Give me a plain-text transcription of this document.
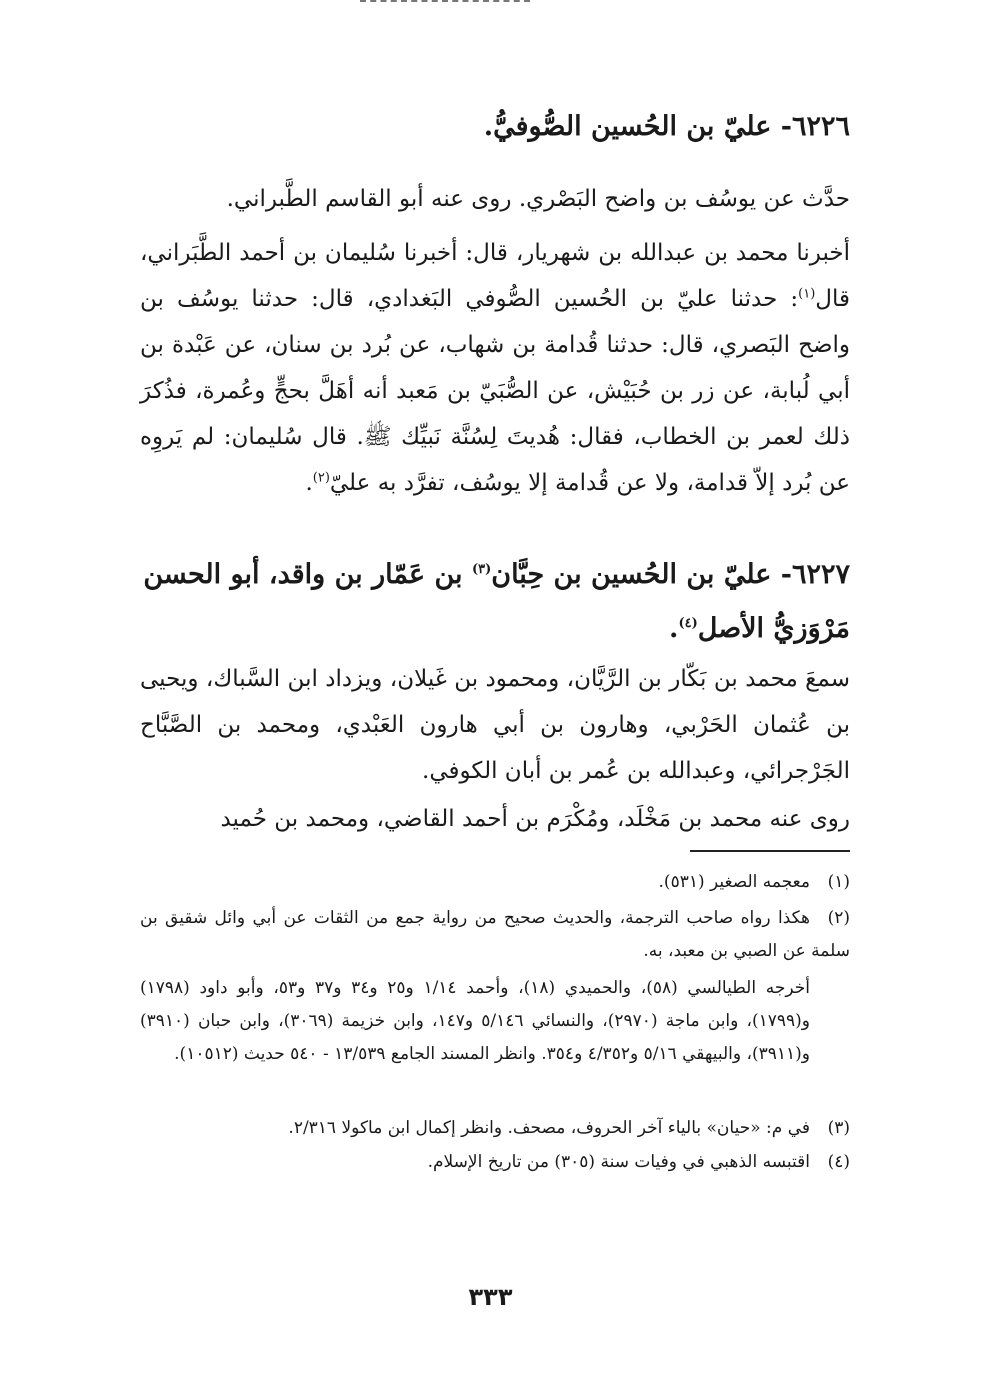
٦٢٢٦- عليّ بن الحُسين الصُّوفيُّ.

حدَّث عن يوسُف بن واضح البَصْري. روى عنه أبو القاسم الطَّبراني.

أخبرنا محمد بن عبدالله بن شهريار، قال: أخبرنا سُليمان بن أحمد الطَّبَراني، قال$^{(١)}$: حدثنا عليّ بن الحُسين الصُّوفي البَغدادي، قال: حدثنا يوسُف بن واضح البَصري، قال: حدثنا قُدامة بن شهاب، عن بُرد بن سنان، عن عَبْدة بن أبي لُبابة، عن زر بن حُبَيْش، عن الصُّبَيّ بن مَعبد أنه أهَلَّ بحجٍّ وعُمرة، فذُكرَ ذلك لعمر بن الخطاب، فقال: هُديتَ لِسُنَّة نَبيِّك ﷺ. قال سُليمان: لم يَروِه عن بُرد إلاّ قدامة، ولا عن قُدامة إلا يوسُف، تفرَّد به عليّ$^{(٢)}$.

٦٢٢٧- عليّ بن الحُسين بن حِبَّان$^{(٣)}$ بن عَمّار بن واقد، أبو الحسن مَرْوَزيُّ الأصل$^{(٤)}$.

سمعَ محمد بن بَكّار بن الرَّيَّان، ومحمود بن غَيلان، ويزداد ابن السَّباك، ويحيى بن عُثمان الحَرْبي، وهارون بن أبي هارون العَبْدي، ومحمد بن الصَّبَّاح الجَرْجرائي، وعبدالله بن عُمر بن أبان الكوفي.

روى عنه محمد بن مَخْلَد، ومُكْرَم بن أحمد القاضي، ومحمد بن حُميد

(١)معجمه الصغير (٥٣١).

(٢)هكذا رواه صاحب الترجمة، والحديث صحيح من رواية جمع من الثقات عن أبي وائل شقيق بن سلمة عن الصبي بن معبد، به.

أخرجه الطيالسي (٥٨)، والحميدي (١٨)، وأحمد ١/١٤ و٢٥ و٣٤ و٣٧ و٥٣، وأبو داود (١٧٩٨) و(١٧٩٩)، وابن ماجة (٢٩٧٠)، والنسائي ٥/١٤٦ و١٤٧، وابن خزيمة (٣٠٦٩)، وابن حبان (٣٩١٠) و(٣٩١١)، والبيهقي ٥/١٦ و٤/٣٥٢ و٣٥٤. وانظر المسند الجامع ١٣/٥٣٩ - ٥٤٠ حديث (١٠٥١٢).

(٣)في م: «حيان» بالياء آخر الحروف، مصحف. وانظر إكمال ابن ماكولا ٢/٣١٦.

(٤)اقتبسه الذهبي في وفيات سنة (٣٠٥) من تاريخ الإسلام.

٣٣٣
